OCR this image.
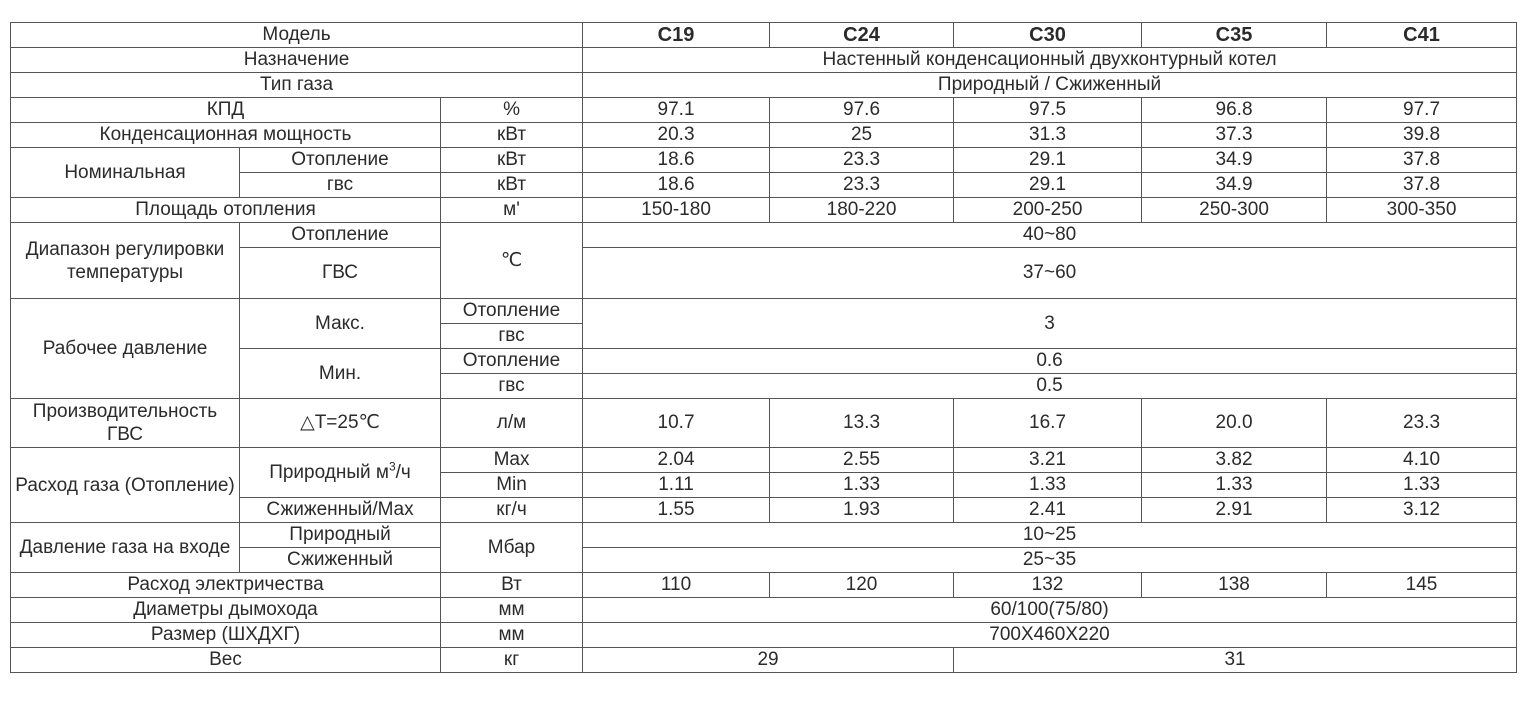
Модель			C19	C24	C30	C35	C41
Назначение			Настенный конденсационный двухконтурный котел				
Тип газа			Природный / Сжиженный				
КПД		%	97.1	97.6	97.5	96.8	97.7
Конденсационная мощность		кВт	20.3	25	31.3	37.3	39.8
Номинальная	Отопление	кВт	18.6	23.3	29.1	34.9	37.8
	гвс	кВт	18.6	23.3	29.1	34.9	37.8
Площадь отопления		м'	150-180	180-220	200-250	250-300	300-350
Диапазон регулировки температуры	Отопление	℃	40~80				
	ГВС		37~60				
Рабочее давление	Макс.	Отопление	3				
		гвс					
	Мин.	Отопление	0.6				
		гвс	0.5				
Производительность ГВС	△T=25℃	л/м	10.7	13.3	16.7	20.0	23.3
Расход газа (Отопление)	Природный $м^3/ч$	Max	2.04	2.55	3.21	3.82	4.10
		Min	1.11	1.33	1.33	1.33	1.33
	Сжиженный/Max	кг/ч	1.55	1.93	2.41	2.91	3.12
Давление газа на входе	Природный	Мбар	10~25				
	Сжиженный		25~35				
Расход электричества		Вт	110	120	132	138	145
Диаметры дымохода		мм	60/100(75/80)				
Размер (ШХДХГ)		мм	700X460X220				
Вес		кг	29		31		
